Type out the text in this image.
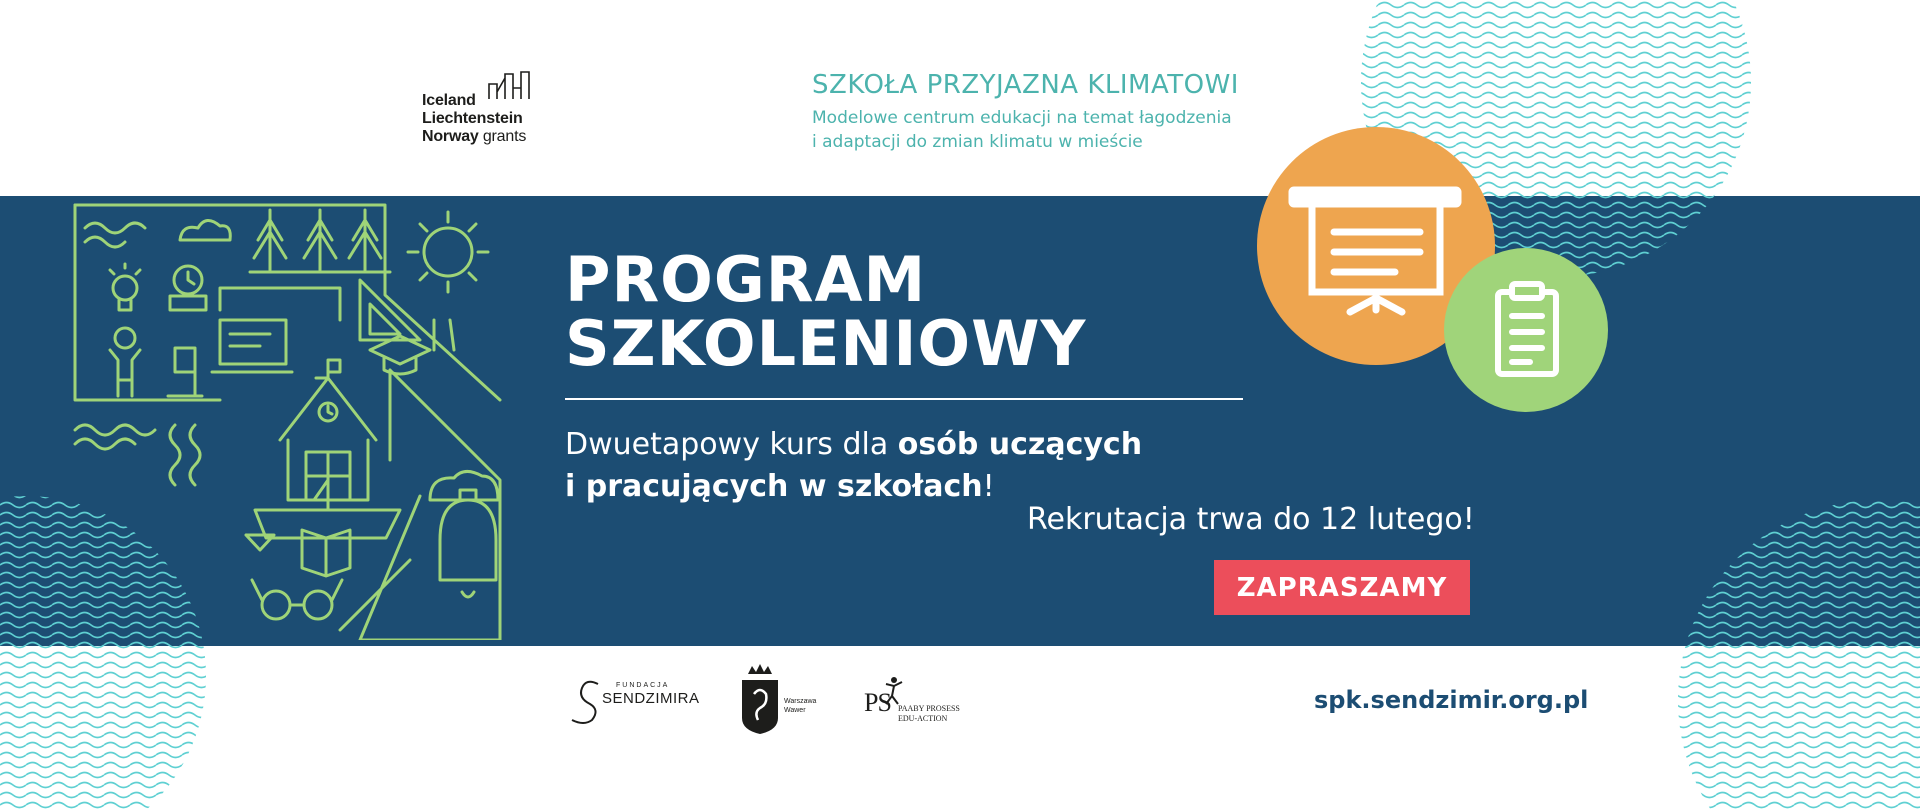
Iceland
Liechtenstein
Norway grants
SZKOŁA PRZYJAZNA KLIMATOWI
Modelowe centrum edukacji na temat łagodzenia
i adaptacji do zmian klimatu w mieście
PROGRAM
SZKOLENIOWY
Dwuetapowy kurs dla osób uczących
i pracujących w szkołach!
Rekrutacja trwa do 12 lutego!
ZAPRASZAMY
FUNDACJA
SENDZIMIRA	Warszawa
Wawer PS PAABY PROSESS
EDU-ACTION
spk.sendzimir.org.pl
